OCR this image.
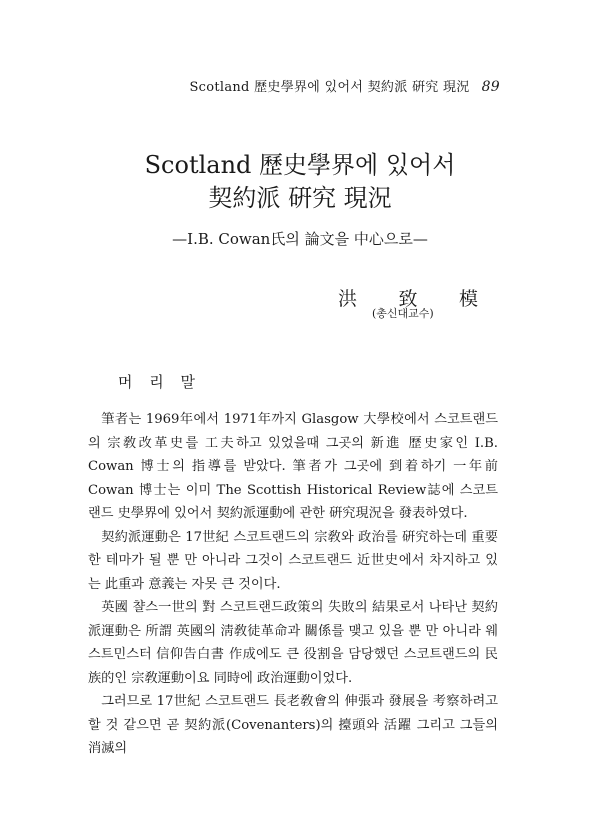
Scotland 歷史學界에 있어서 契約派 硏究 現況 89
Scotland 歷史學界에 있어서
契約派 硏究 現況
—I.B. Cowan氏의 論文을 中心으로—
洪 致 模
(총신대교수)
머 리 말

筆者는 1969年에서 1971年까지 Glasgow 大學校에서 스코트랜드의 宗敎改革史를 工夫하고 있었을때 그곳의 新進 歷史家인 I.B. Cowan 博士의 指導를 받았다. 筆者가 그곳에 到着하기 一年前 Cowan 博士는 이미 The Scottish Historical Review誌에 스코트랜드 史學界에 있어서 契約派運動에 관한 硏究現況을 發表하였다.

契約派運動은 17世紀 스코트랜드의 宗敎와 政治를 硏究하는데 重要한 테마가 될 뿐 만 아니라 그것이 스코트랜드 近世史에서 차지하고 있는 此重과 意義는 자못 큰 것이다.

英國 챨스一世의 對 스코트랜드政策의 失敗의 結果로서 나타난 契約派運動은 所謂 英國의 淸敎徒革命과 關係를 맺고 있을 뿐 만 아니라 웨스트민스터 信仰告白書 作成에도 큰 役割을 담당했던 스코트랜드의 民族的인 宗敎運動이요 同時에 政治運動이었다.

그러므로 17世紀 스코트랜드 長老敎會의 伸張과 發展을 考察하려고 할 것 같으면 곧 契約派(Covenanters)의 擡頭와 活躍 그리고 그들의 消滅의
